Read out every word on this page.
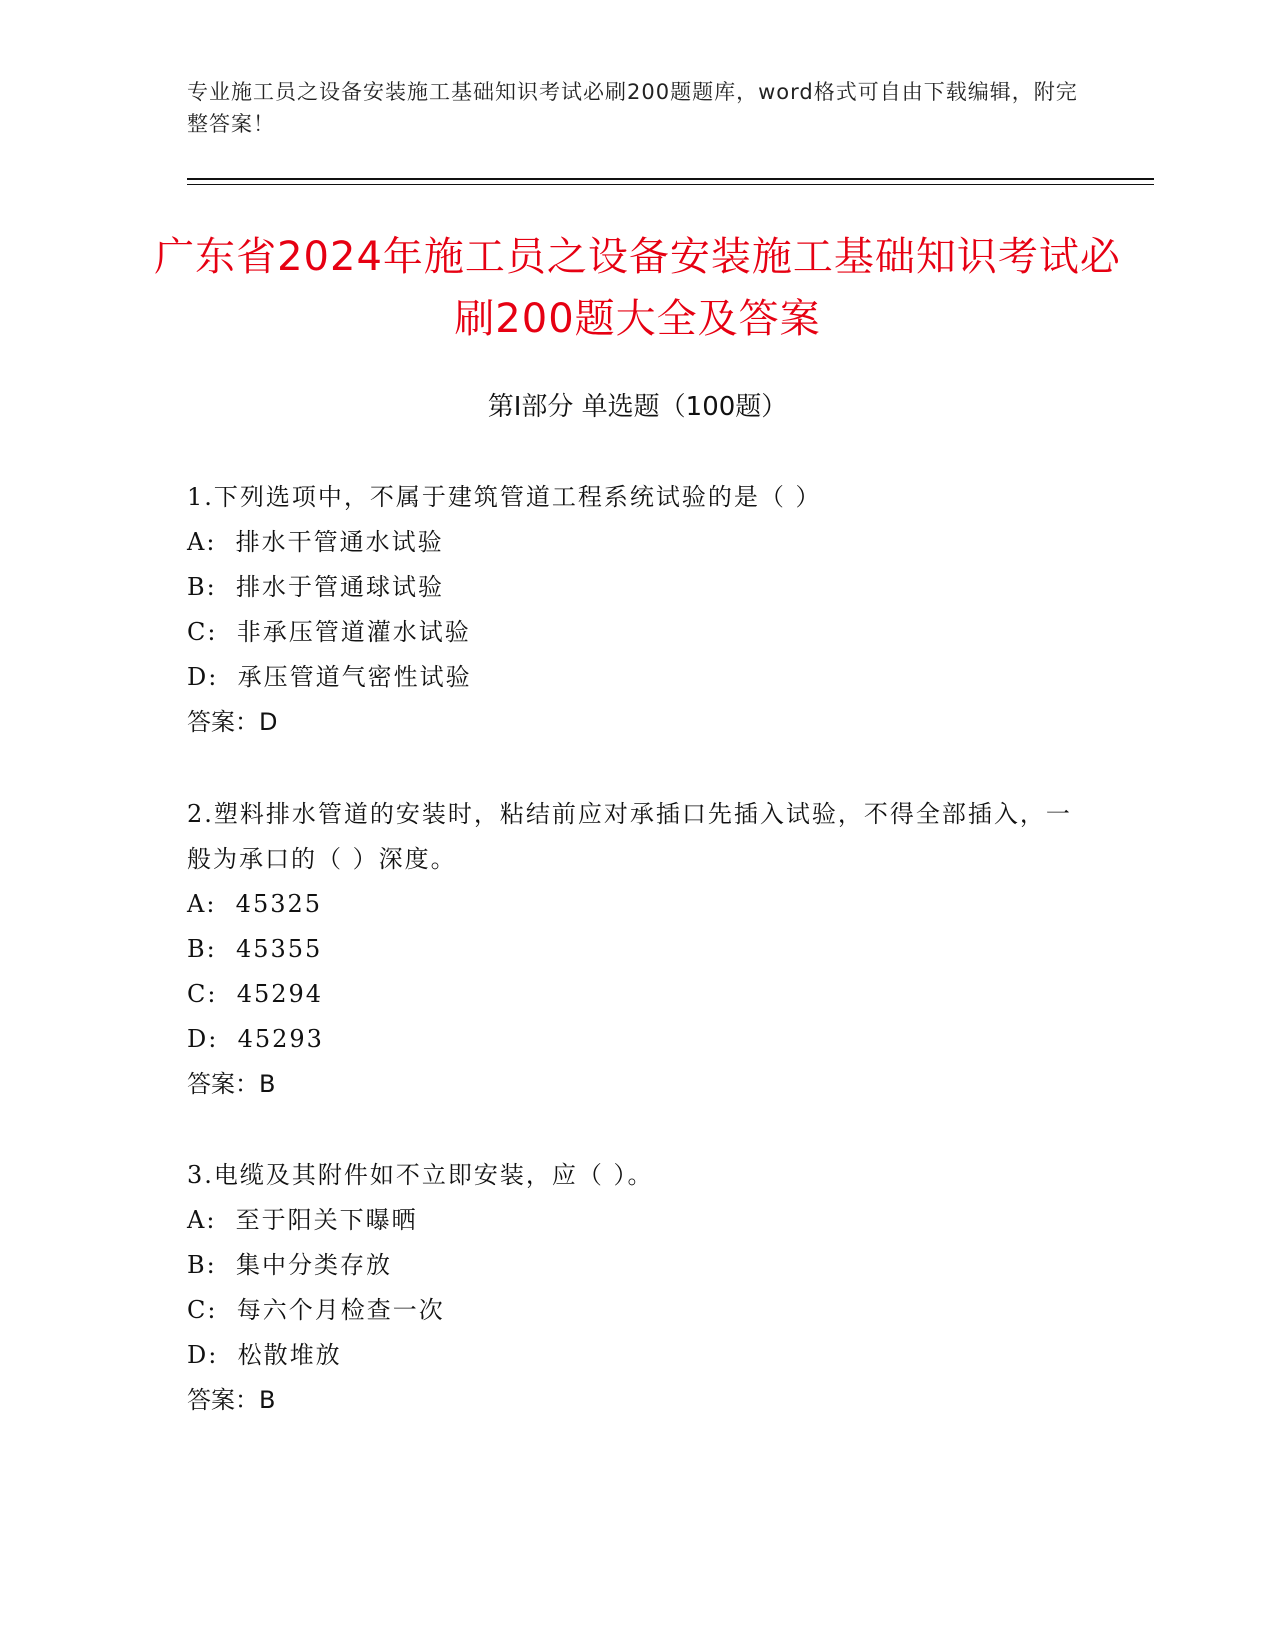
专业施工员之设备安装施工基础知识考试必刷200题题库，word格式可自由下载编辑，附完整答案！
广东省2024年施工员之设备安装施工基础知识考试必刷200题大全及答案
第I部分 单选题（100题）

1.下列选项中，不属于建筑管道工程系统试验的是（ ）

A:  排水干管通水试验

B:  排水于管通球试验

C:  非承压管道灌水试验

D:  承压管道气密性试验

答案：D

2.塑料排水管道的安装时，粘结前应对承插口先插入试验，不得全部插入，一般为承口的（ ）深度。

A:  45325

B:  45355

C:  45294

D:  45293

答案：B

3.电缆及其附件如不立即安装，应（ ）。

A:  至于阳关下曝晒

B:  集中分类存放

C:  每六个月检查一次

D:  松散堆放

答案：B
